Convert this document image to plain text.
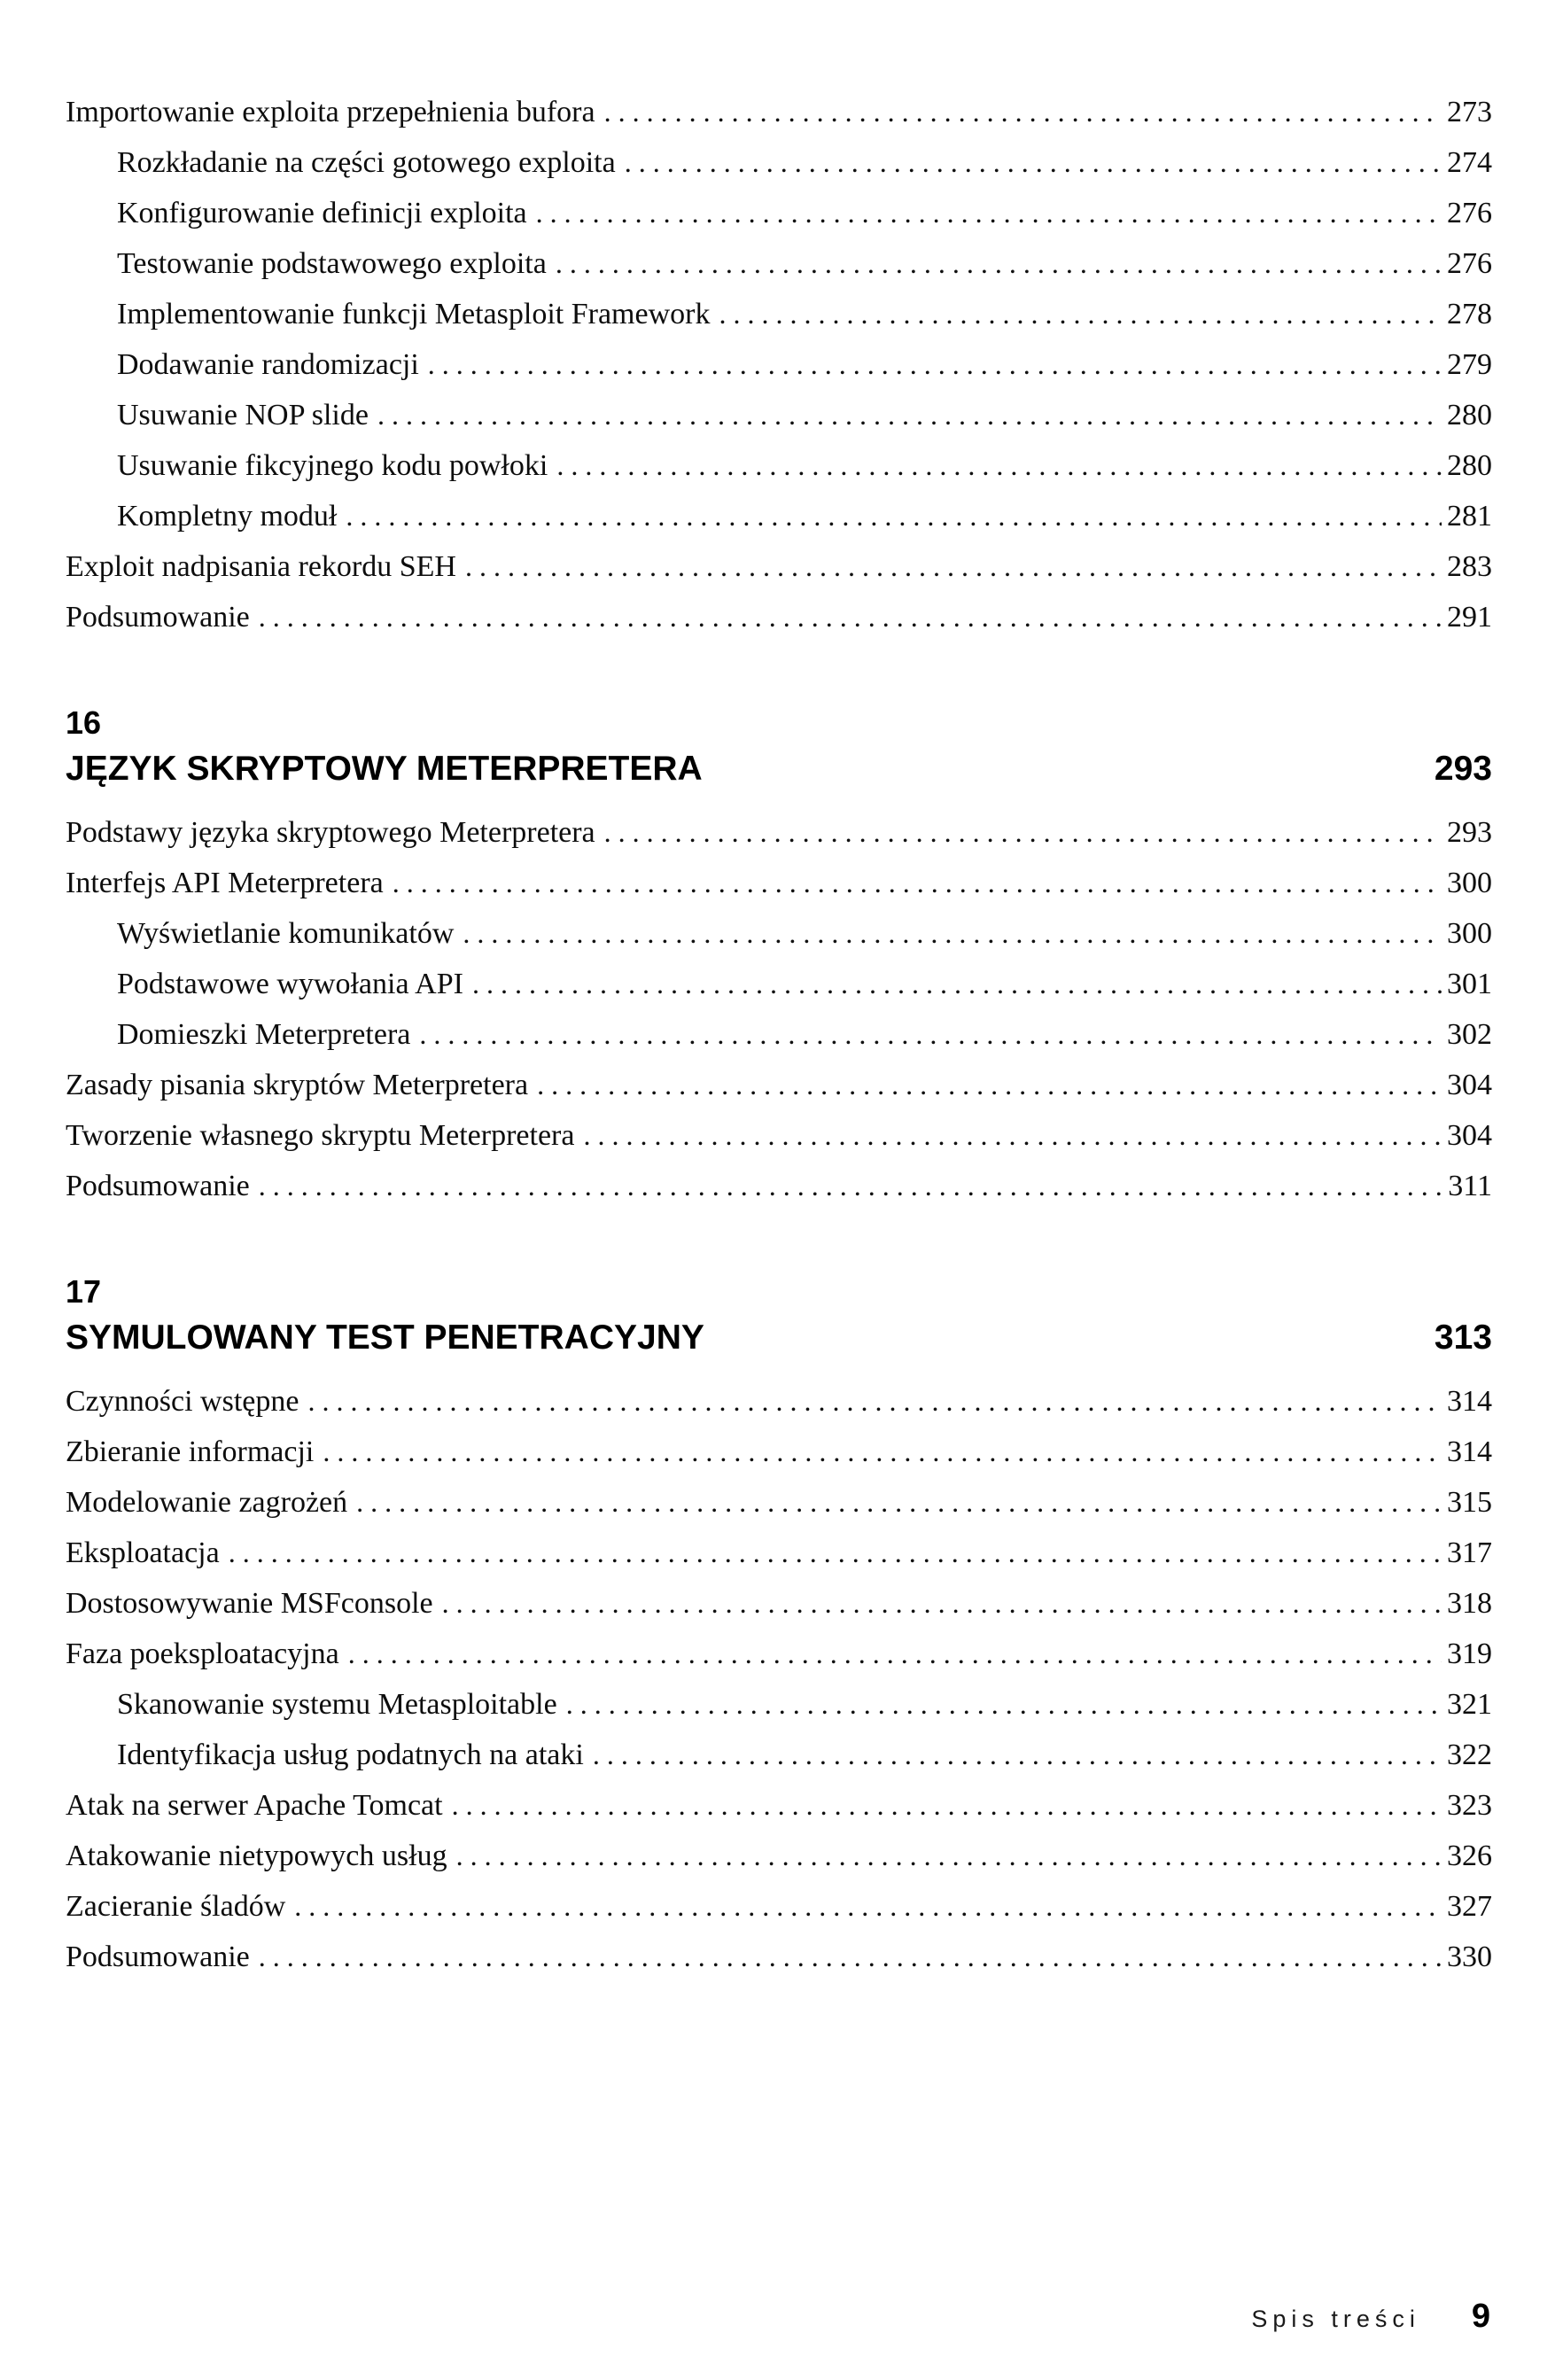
Importowanie exploita przepełnienia bufora .....	273
Rozkładanie na części gotowego exploita .....	274
Konfigurowanie definicji exploita .....	276
Testowanie podstawowego exploita .....	276
Implementowanie funkcji Metasploit Framework .....	278
Dodawanie randomizacji .....	279
Usuwanie NOP slide .....	280
Usuwanie fikcyjnego kodu powłoki .....	280
Kompletny moduł .....	281
Exploit nadpisania rekordu SEH .....	283
Podsumowanie .....	291
16
JĘZYK SKRYPTOWY METERPRETERA	293
Podstawy języka skryptowego Meterpretera .....	293
Interfejs API Meterpretera .....	300
Wyświetlanie komunikatów .....	300
Podstawowe wywołania API .....	301
Domieszki Meterpretera .....	302
Zasady pisania skryptów Meterpretera .....	304
Tworzenie własnego skryptu Meterpretera .....	304
Podsumowanie .....	311
17
SYMULOWANY TEST PENETRACYJNY	313
Czynności wstępne .....	314
Zbieranie informacji .....	314
Modelowanie zagrożeń .....	315
Eksploatacja .....	317
Dostosowywanie MSFconsole .....	318
Faza poeksploatacyjna .....	319
Skanowanie systemu Metasploitable .....	321
Identyfikacja usług podatnych na ataki .....	322
Atak na serwer Apache Tomcat .....	323
Atakowanie nietypowych usług .....	326
Zacieranie śladów .....	327
Podsumowanie .....	330
Spis treści 9
